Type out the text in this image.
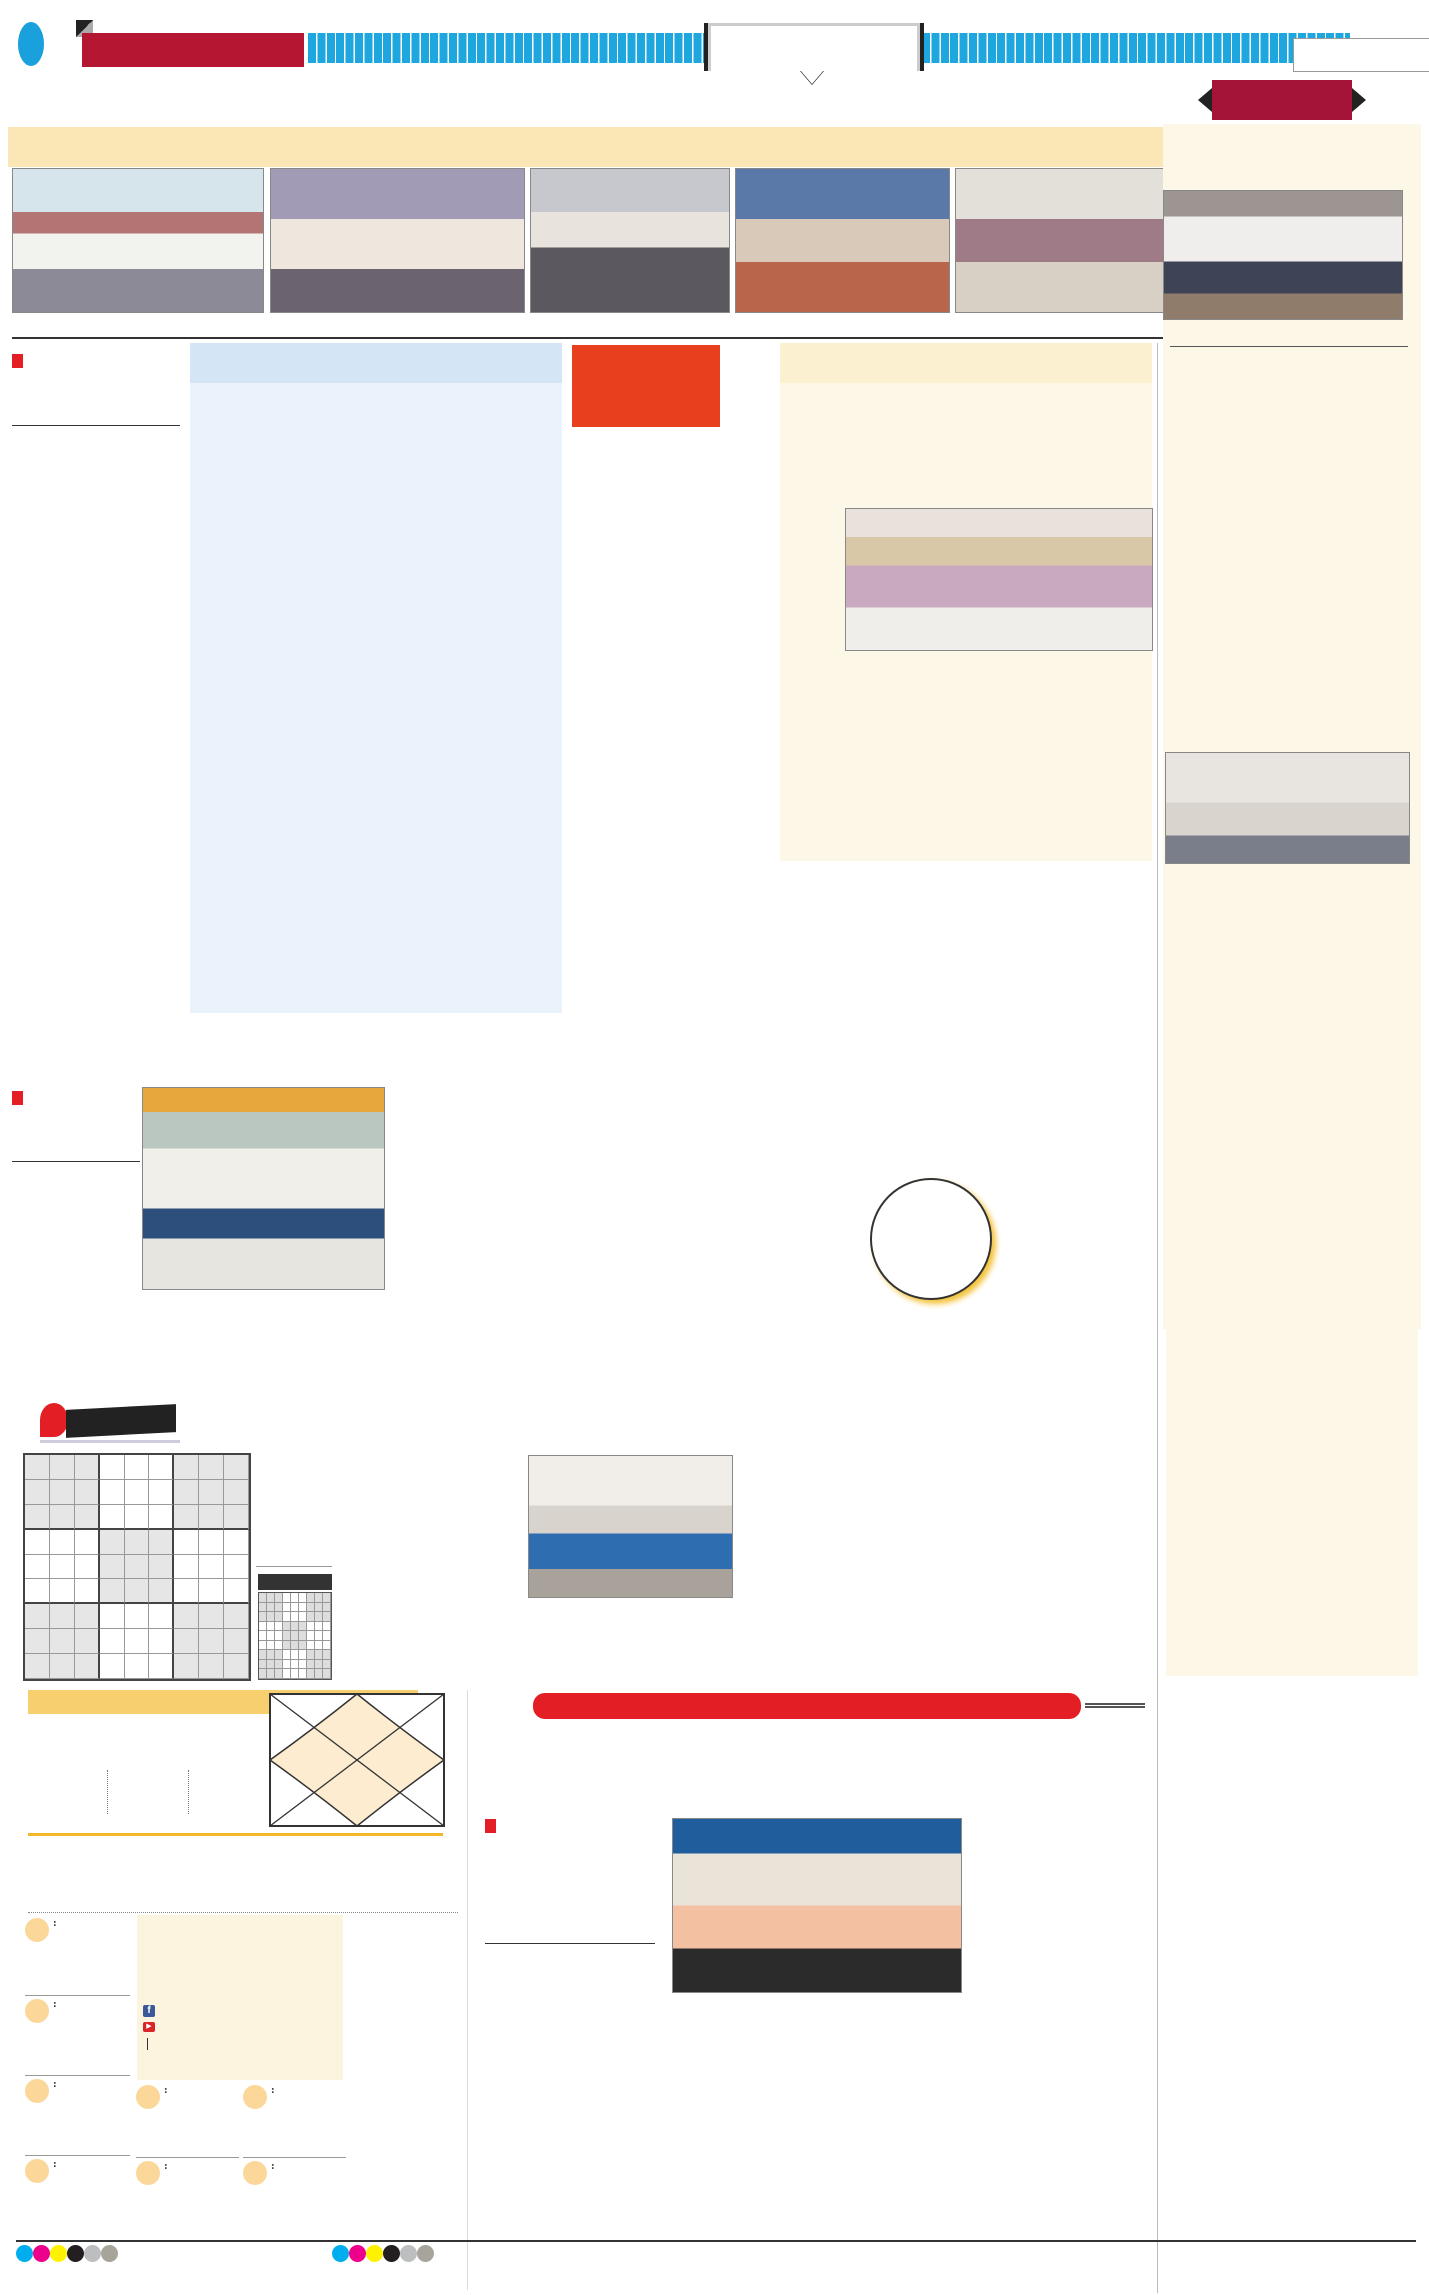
:
:
:
:
f
▶
:
:
:
:
